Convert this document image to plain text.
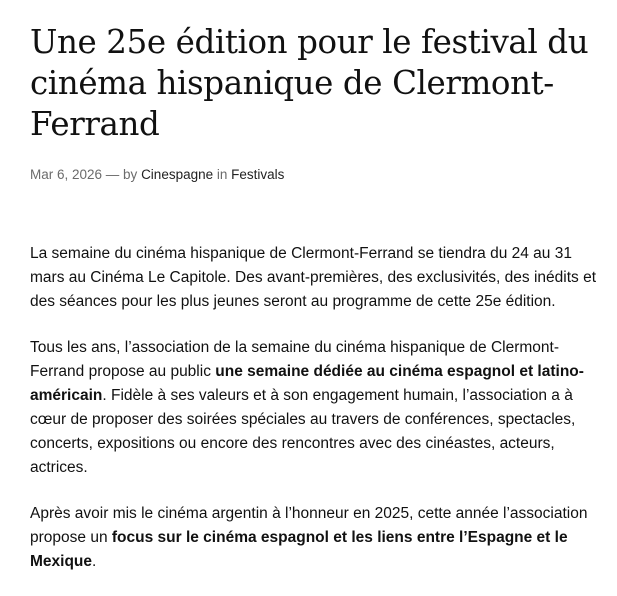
Une 25e édition pour le festival du cinéma hispanique de Clermont-Ferrand
Mar 6, 2026 — by Cinespagne in Festivals

La semaine du cinéma hispanique de Clermont-Ferrand se tiendra du 24 au 31 mars au Cinéma Le Capitole. Des avant-premières, des exclusivités, des inédits et des séances pour les plus jeunes seront au programme de cette 25e édition.

Tous les ans, l’association de la semaine du cinéma hispanique de Clermont-Ferrand propose au public une semaine dédiée au cinéma espagnol et latino-américain. Fidèle à ses valeurs et à son engagement humain, l’association a à cœur de proposer des soirées spéciales au travers de conférences, spectacles, concerts, expositions ou encore des rencontres avec des cinéastes, acteurs, actrices.

Après avoir mis le cinéma argentin à l’honneur en 2025, cette année l’association propose un focus sur le cinéma espagnol et les liens entre l’Espagne et le Mexique.
